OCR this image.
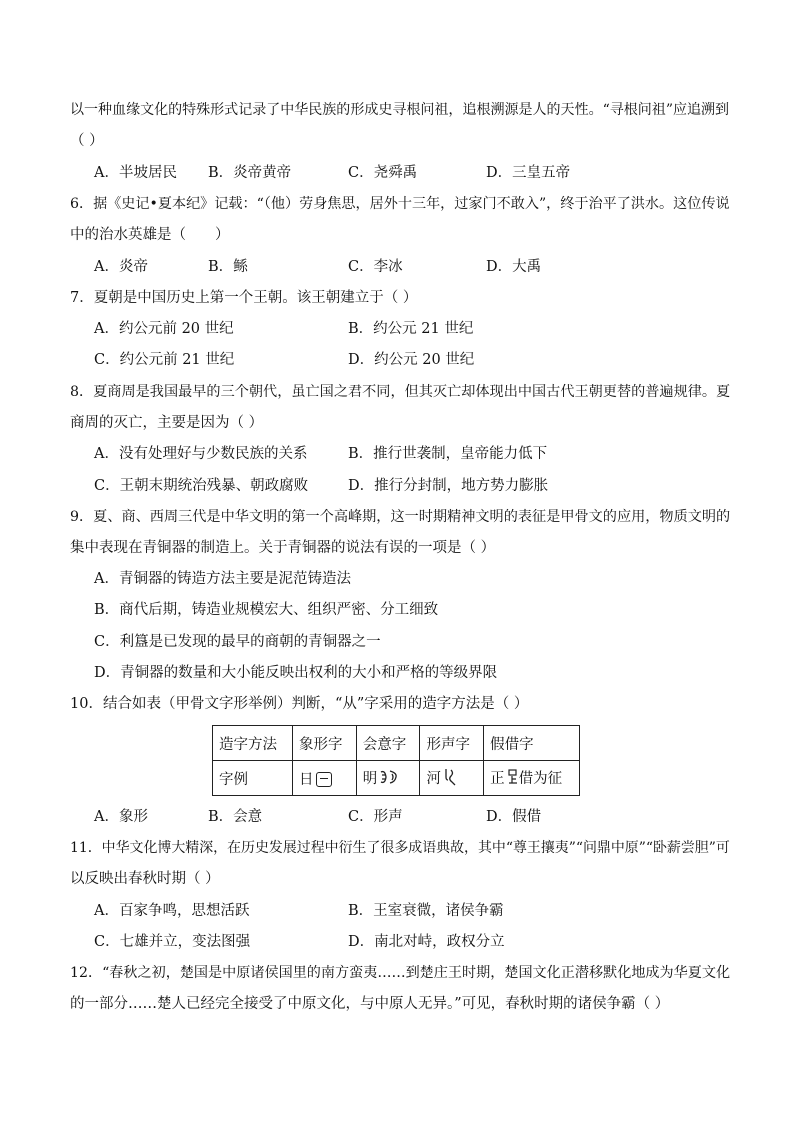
以一种血缘文化的特殊形式记录了中华民族的形成史寻根问祖，追根溯源是人的天性。“寻根问祖”应追溯到
（ ）
A．半坡居民 B．炎帝黄帝	C．尧舜禹	D．三皇五帝
6．据《史记•夏本纪》记载：“（他）劳身焦思，居外十三年，过家门不敢入”，终于治平了洪水。这位传说
中的治水英雄是（　　）
A．炎帝	B．鲧	C．李冰	D．大禹
7．夏朝是中国历史上第一个王朝。该王朝建立于（ ）
A．约公元前 20 世纪	B．约公元 21 世纪
C．约公元前 21 世纪	D．约公元 20 世纪
8．夏商周是我国最早的三个朝代，虽亡国之君不同，但其灭亡却体现出中国古代王朝更替的普遍规律。夏
商周的灭亡，主要是因为（ ）
A．没有处理好与少数民族的关系	B．推行世袭制，皇帝能力低下
C．王朝末期统治残暴、朝政腐败	D．推行分封制，地方势力膨胀
9．夏、商、西周三代是中华文明的第一个高峰期，这一时期精神文明的表征是甲骨文的应用，物质文明的
集中表现在青铜器的制造上。关于青铜器的说法有误的一项是（ ）
A．青铜器的铸造方法主要是泥范铸造法
B．商代后期，铸造业规模宏大、组织严密、分工细致
C．利簋是已发现的最早的商朝的青铜器之一
D．青铜器的数量和大小能反映出权利的大小和严格的等级界限
10．结合如表（甲骨文字形举例）判断，“从”字采用的造字方法是（ ）
造字方法	象形字	会意字	形声字	假借字
字例	日	明	河	正 借为征
A．象形	B．会意	C．形声	D．假借
11．中华文化博大精深，在历史发展过程中衍生了很多成语典故，其中“尊王攘夷”“问鼎中原”“卧薪尝胆”可
以反映出春秋时期（ ）
A．百家争鸣，思想活跃	B．王室衰微，诸侯争霸
C．七雄并立，变法图强	D．南北对峙，政权分立
12．“春秋之初，楚国是中原诸侯国里的南方蛮夷……到楚庄王时期，楚国文化正潜移默化地成为华夏文化
的一部分……楚人已经完全接受了中原文化，与中原人无异。”可见，春秋时期的诸侯争霸（ ）
